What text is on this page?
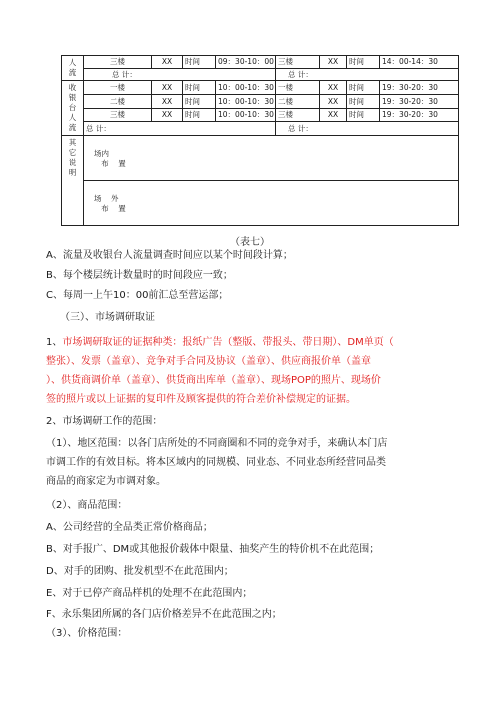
人流	三楼	XX	时间	09：30-10：00	三楼	XX	时间	14：00-14：30
	总 计：				总 计：			

收银台人流	一楼	XX	时间	10：00-10：30	一楼	XX	时间	19：30-20：30
	二楼	XX	时间	10：00-10：30	二楼	XX	时间	19：30-20：30
	三楼	XX	时间	10：00-10：30	三楼	XX	时间	19：30-20：30
	总 计：				总 计：			

其它说明	场内
布    置							

	场    外
布    置							
（表七）
A、流量及收银台人流量调查时间应以某个时间段计算；
B、每个楼层统计数量时的时间段应一致；
C、每周一上午10：00前汇总至营运部；
（三）、市场调研取证
1、市场调研取证的证据种类：报纸广告（整版、带报头、带日期）、DM单页（
整张）、发票（盖章）、竞争对手合同及协议（盖章）、供应商报价单（盖章
）、供货商调价单（盖章）、供货商出库单（盖章）、现场POP的照片、现场价
签的照片或以上证据的复印件及顾客提供的符合差价补偿规定的证据。
2、市场调研工作的范围：
（1）、地区范围：以各门店所处的不同商圈和不同的竞争对手，来确认本门店
市调工作的有效目标。将本区域内的同规模、同业态、不同业态所经营同品类
商品的商家定为市调对象。
（2）、商品范围：
A、公司经营的全品类正常价格商品；
B、对手报广、DM或其他报价载体中限量、抽奖产生的特价机不在此范围；
D、对手的团购、批发机型不在此范围内；
E、对于已停产商品样机的处理不在此范围内；
F、永乐集团所属的各门店价格差异不在此范围之内；
（3）、价格范围：
